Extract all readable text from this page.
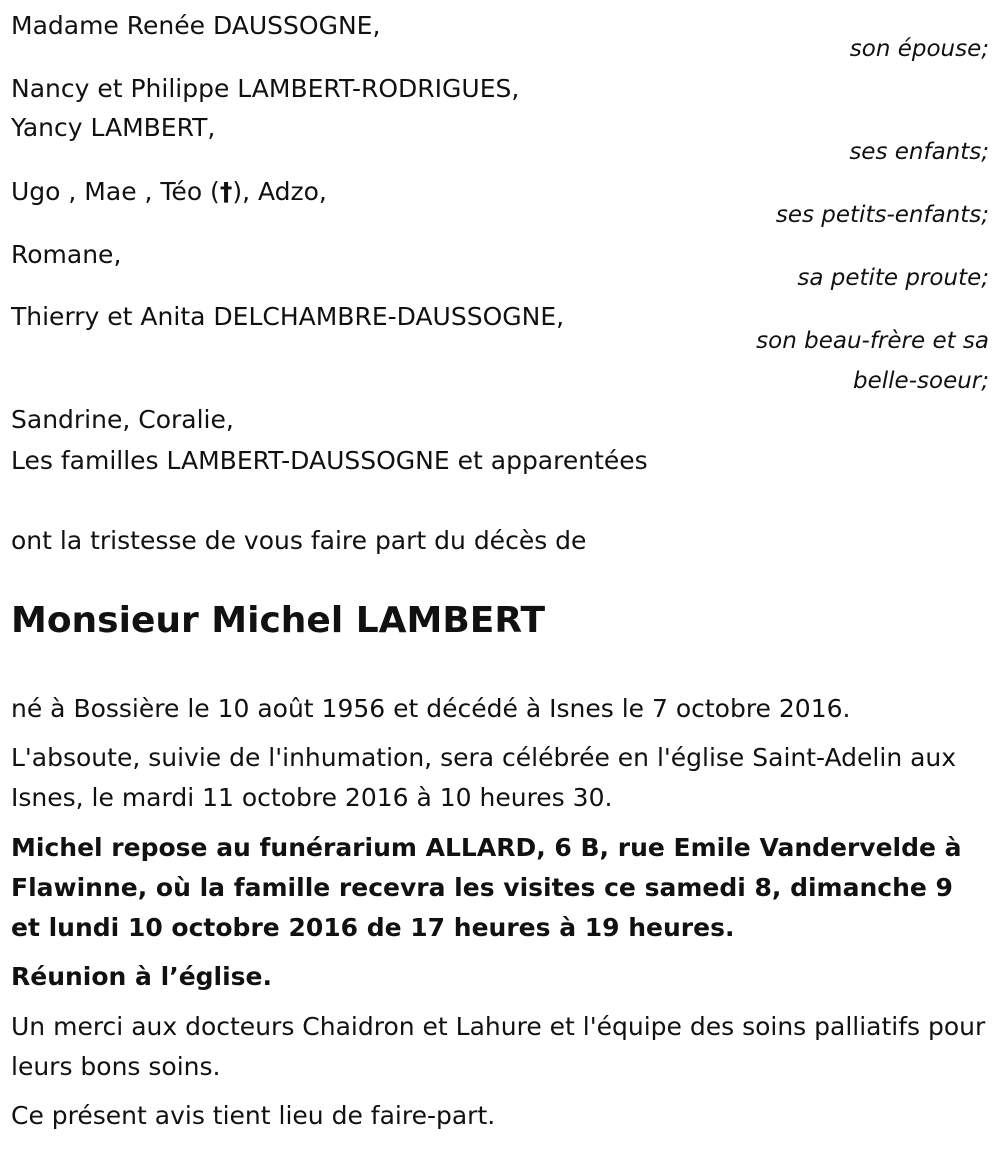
Madame Renée DAUSSOGNE,
son épouse;
Nancy et Philippe LAMBERT-RODRIGUES,
Yancy LAMBERT,
ses enfants;
Ugo , Mae , Téo (†), Adzo,
ses petits-enfants;
Romane,
sa petite proute;
Thierry et Anita DELCHAMBRE-DAUSSOGNE,
son beau-frère et sa
belle-soeur;
Sandrine, Coralie,
Les familles LAMBERT-DAUSSOGNE et apparentées
ont la tristesse de vous faire part du décès de
Monsieur Michel LAMBERT
né à Bossière le 10 août 1956 et décédé à Isnes le 7 octobre 2016.
L'absoute, suivie de l'inhumation, sera célébrée en l'église Saint-Adelin aux Isnes, le mardi 11 octobre 2016 à 10 heures 30.
Michel repose au funérarium ALLARD, 6 B, rue Emile Vandervelde à Flawinne, où la famille recevra les visites ce samedi 8, dimanche 9 et lundi 10 octobre 2016 de 17 heures à 19 heures.
Réunion à l’église.
Un merci aux docteurs Chaidron et Lahure et l'équipe des soins palliatifs pour leurs bons soins.
Ce présent avis tient lieu de faire-part.
